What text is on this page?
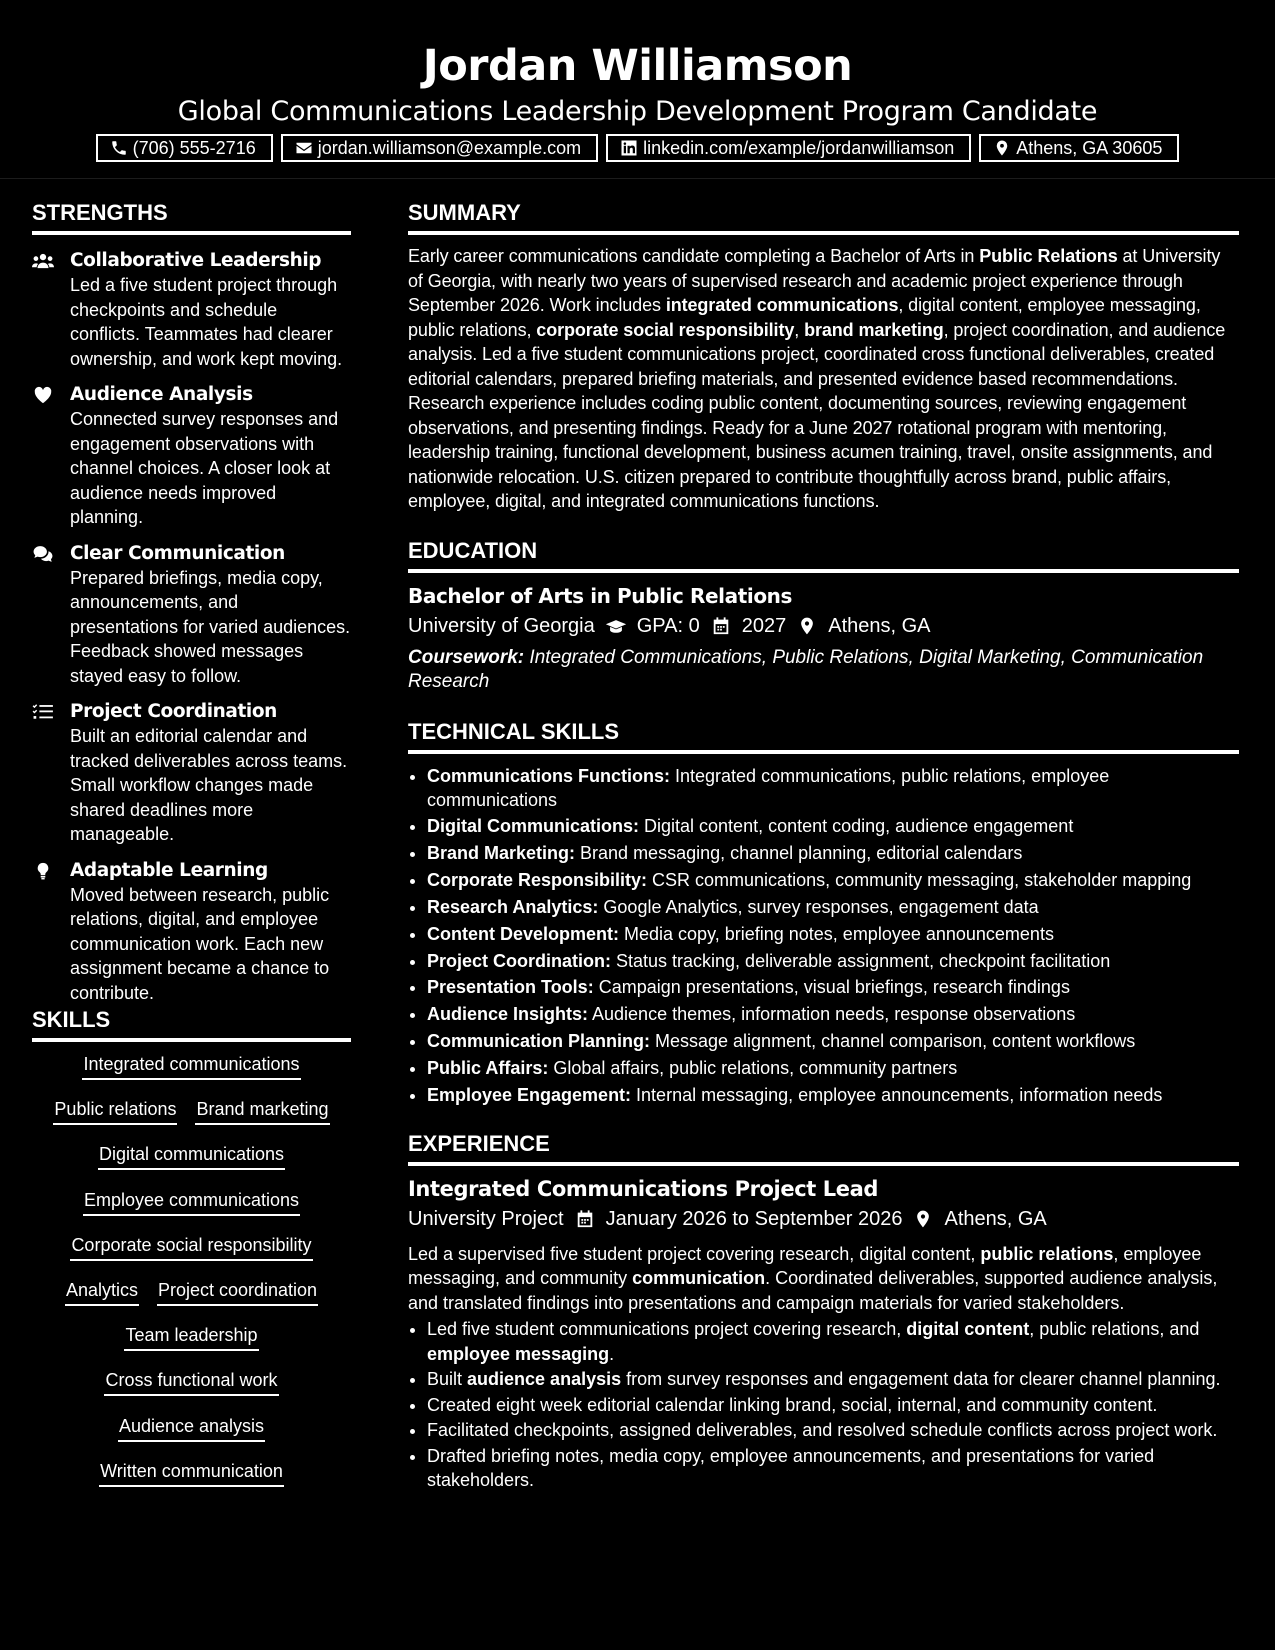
Jordan Williamson
Global Communications Leadership Development Program Candidate
(706) 555-2716	jordan.williamson@example.com	linkedin.com/example/jordanwilliamson	Athens, GA 30605
STRENGTHS
Collaborative Leadership
Led a five student project through checkpoints and schedule conflicts. Teammates had clearer ownership, and work kept moving.
Audience Analysis
Connected survey responses and engagement observations with channel choices. A closer look at audience needs improved planning.
Clear Communication
Prepared briefings, media copy, announcements, and presentations for varied audiences. Feedback showed messages stayed easy to follow.
Project Coordination
Built an editorial calendar and tracked deliverables across teams. Small workflow changes made shared deadlines more manageable.
Adaptable Learning
Moved between research, public relations, digital, and employee communication work. Each new assignment became a chance to contribute.
SKILLS
Integrated communications
Public relations Brand marketing
Digital communications
Employee communications
Corporate social responsibility
Analytics Project coordination
Team leadership
Cross functional work
Audience analysis
Written communication
SUMMARY
Early career communications candidate completing a Bachelor of Arts in Public Relations at University of Georgia, with nearly two years of supervised research and academic project experience through September 2026. Work includes integrated communications, digital content, employee messaging, public relations, corporate social responsibility, brand marketing, project coordination, and audience analysis. Led a five student communications project, coordinated cross functional deliverables, created editorial calendars, prepared briefing materials, and presented evidence based recommendations. Research experience includes coding public content, documenting sources, reviewing engagement observations, and presenting findings. Ready for a June 2027 rotational program with mentoring, leadership training, functional development, business acumen training, travel, onsite assignments, and nationwide relocation. U.S. citizen prepared to contribute thoughtfully across brand, public affairs, employee, digital, and integrated communications functions.
EDUCATION
Bachelor of Arts in Public Relations
University of Georgia GPA: 0 2027 Athens, GA
Coursework: Integrated Communications, Public Relations, Digital Marketing, Communication Research
TECHNICAL SKILLS
• Communications Functions: Integrated communications, public relations, employee communications
• Digital Communications: Digital content, content coding, audience engagement
• Brand Marketing: Brand messaging, channel planning, editorial calendars
• Corporate Responsibility: CSR communications, community messaging, stakeholder mapping
• Research Analytics: Google Analytics, survey responses, engagement data
• Content Development: Media copy, briefing notes, employee announcements
• Project Coordination: Status tracking, deliverable assignment, checkpoint facilitation
• Presentation Tools: Campaign presentations, visual briefings, research findings
• Audience Insights: Audience themes, information needs, response observations
• Communication Planning: Message alignment, channel comparison, content workflows
• Public Affairs: Global affairs, public relations, community partners
• Employee Engagement: Internal messaging, employee announcements, information needs
EXPERIENCE
Integrated Communications Project Lead
University Project January 2026 to September 2026 Athens, GA
Led a supervised five student project covering research, digital content, public relations, employee messaging, and community communication. Coordinated deliverables, supported audience analysis, and translated findings into presentations and campaign materials for varied stakeholders.
• Led five student communications project covering research, digital content, public relations, and employee messaging.
• Built audience analysis from survey responses and engagement data for clearer channel planning.
• Created eight week editorial calendar linking brand, social, internal, and community content.
• Facilitated checkpoints, assigned deliverables, and resolved schedule conflicts across project work.
• Drafted briefing notes, media copy, employee announcements, and presentations for varied stakeholders.
